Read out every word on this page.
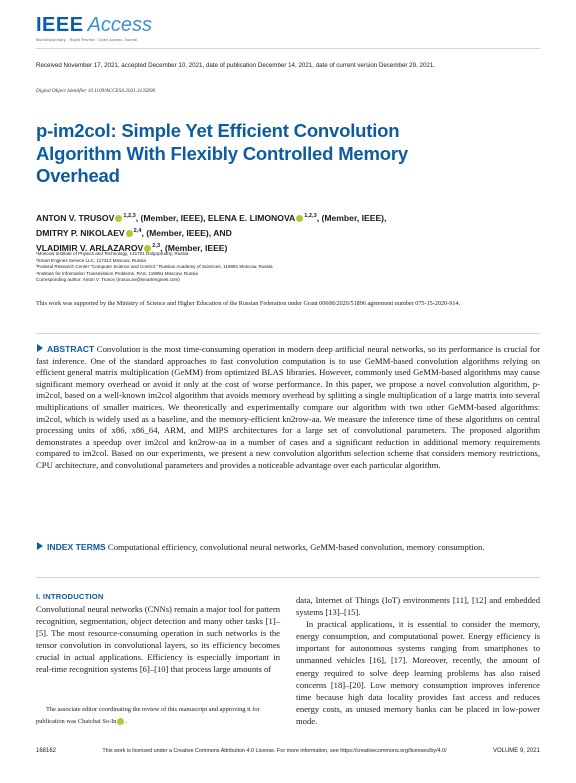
IEEE Access
Multidisciplinary : Rapid Review : Open Access Journal
Received November 17, 2021, accepted December 10, 2021, date of publication December 14, 2021, date of current version December 29, 2021.
Digital Object Identifier 10.1109/ACCESS.2021.3135690
p-im2col: Simple Yet Efficient Convolution Algorithm With Flexibly Controlled Memory Overhead
ANTON V. TRUSOV $^{1,2,3}$, (Member, IEEE), ELENA E. LIMONOVA $^{1,2,3}$, (Member, IEEE),
DMITRY P. NIKOLAEV $^{2,4}$, (Member, IEEE), AND
VLADIMIR V. ARLAZAROV $^{2,3}$, (Member, IEEE)
¹Moscow Institute of Physics and Technology, 141701 Dolgoprudny, Russia
²Smart Engines Service LLC, 117312 Moscow, Russia
³Federal Research Center “Computer Science and Control,” Russian Academy of Sciences, 119991 Moscow, Russia
⁴Institute for Information Transmission Problems, RAS, 119991 Moscow, Russia
Corresponding author: Anton V. Trusov (trusov.av@smartengines.com)
This work was supported by the Ministry of Science and Higher Education of the Russian Federation under Grant 00600/2020/51896 agreement number 075-15-2020-914.
ABSTRACT Convolution is the most time-consuming operation in modern deep artificial neural networks, so its performance is crucial for fast inference. One of the standard approaches to fast convolution computation is to use GeMM-based convolution algorithms relying on efficient general matrix multiplication (GeMM) from optimized BLAS libraries. However, commonly used GeMM-based algorithms may cause significant memory overhead or avoid it only at the cost of worse performance. In this paper, we propose a novel convolution algorithm, p-im2col, based on a well-known im2col algorithm that avoids memory overhead by splitting a single multiplication of a large matrix into several multiplications of smaller matrices. We theoretically and experimentally compare our algorithm with two other GeMM-based algorithms: im2col, which is widely used as a baseline, and the memory-efficient kn2row-aa. We measure the inference time of these algorithms on central processing units of x86, x86_64, ARM, and MIPS architectures for a large set of convolutional parameters. The proposed algorithm demonstrates a speedup over im2col and kn2row-aa in a number of cases and a significant reduction in additional memory requirements compared to im2col. Based on our experiments, we present a new convolution algorithm selection scheme that considers memory restrictions, CPU architecture, and convolutional parameters and provides a noticeable advantage over each particular algorithm.
INDEX TERMS Computational efficiency, convolutional neural networks, GeMM-based convolution, memory consumption.
I. INTRODUCTION
Convolutional neural networks (CNNs) remain a major tool for pattern recognition, segmentation, object detection and many other tasks [1]–[5]. The most resource-consuming operation in such networks is the tensor convolution in convolutional layers, so its efficiency becomes crucial in actual applications. Efficiency is especially important in real-time recognition systems [6]–[10] that process large amounts of
data, Internet of Things (IoT) environments [11], [12] and embedded systems [13]–[15].
In practical applications, it is essential to consider the memory, energy consumption, and computational power. Energy efficiency is important for autonomous systems ranging from smartphones to unmanned vehicles [16], [17]. Moreover, recently, the amount of energy required to solve deep learning problems has also raised concerns [18]–[20]. Low memory consumption improves inference time because high data locality provides fast access and reduces energy costs, as unused memory banks can be placed in low-power mode.
The associate editor coordinating the review of this manuscript and approving it for publication was Chaichai So-In .
168162	This work is licensed under a Creative Commons Attribution 4.0 License. For more information, see https://creativecommons.org/licenses/by/4.0/	VOLUME 9, 2021
